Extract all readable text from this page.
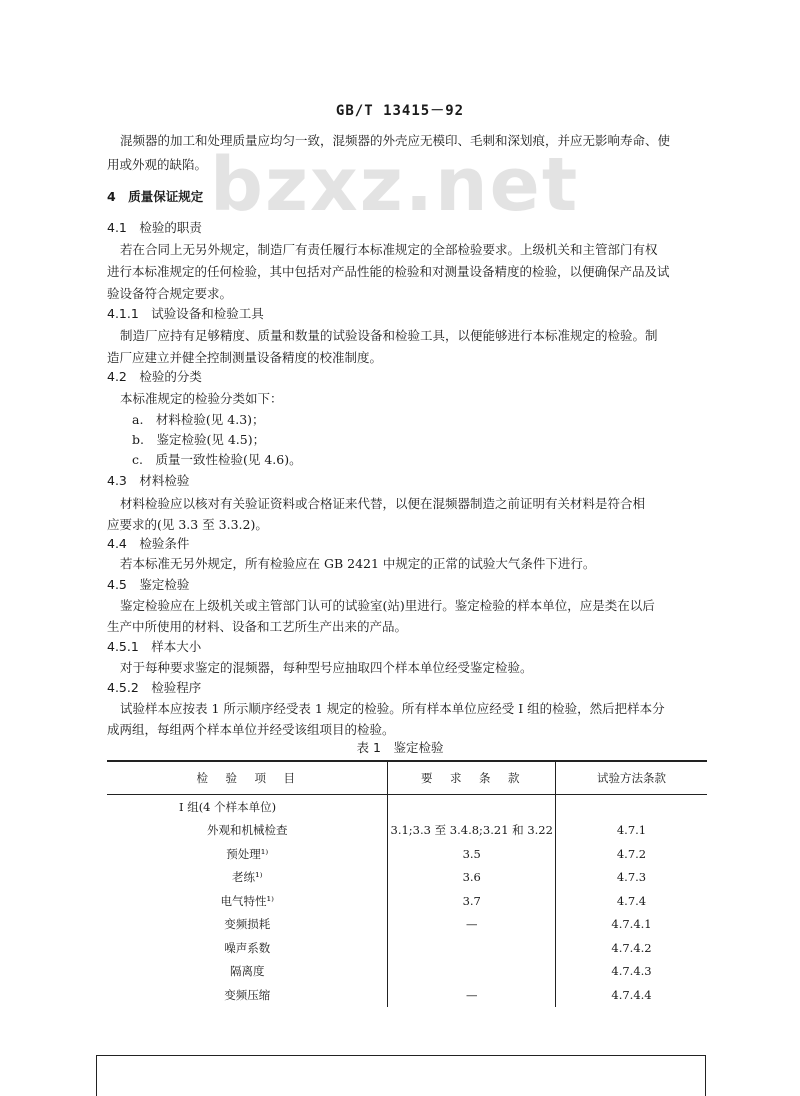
GB/T 13415－92
bzxz.net
混频器的加工和处理质量应均匀一致，混频器的外壳应无模印、毛刺和深划痕，并应无影响寿命、使
用或外观的缺陷。
4　质量保证规定
4.1　检验的职责
若在合同上无另外规定，制造厂有责任履行本标准规定的全部检验要求。上级机关和主管部门有权
进行本标准规定的任何检验，其中包括对产品性能的检验和对测量设备精度的检验，以便确保产品及试
验设备符合规定要求。
4.1.1　试验设备和检验工具
制造厂应持有足够精度、质量和数量的试验设备和检验工具，以便能够进行本标准规定的检验。制
造厂应建立并健全控制测量设备精度的校准制度。
4.2　检验的分类
本标准规定的检验分类如下：
a.　材料检验(见 4.3)；
b.　鉴定检验(见 4.5)；
c.　质量一致性检验(见 4.6)。
4.3　材料检验
材料检验应以核对有关验证资料或合格证来代替，以便在混频器制造之前证明有关材料是符合相
应要求的(见 3.3 至 3.3.2)。
4.4　检验条件
若本标准无另外规定，所有检验应在 GB 2421 中规定的正常的试验大气条件下进行。
4.5　鉴定检验
鉴定检验应在上级机关或主管部门认可的试验室(站)里进行。鉴定检验的样本单位，应是类在以后
生产中所使用的材料、设备和工艺所生产出来的产品。
4.5.1　样本大小
对于每种要求鉴定的混频器，每种型号应抽取四个样本单位经受鉴定检验。
4.5.2　检验程序
试验样本应按表 1 所示顺序经受表 1 规定的检验。所有样本单位应经受 I 组的检验，然后把样本分
成两组，每组两个样本单位并经受该组项目的检验。
表 1　鉴定检验
检　验　项　目	要　求　条　款	试验方法条款
I 组(4 个样本单位)		
外观和机械检查	3.1;3.3 至 3.4.8;3.21 和 3.22	4.7.1
预处理¹⁾	3.5	4.7.2
老练¹⁾	3.6	4.7.3
电气特性¹⁾	3.7	4.7.4
变频损耗	—	4.7.4.1
噪声系数		4.7.4.2
隔离度		4.7.4.3
变频压缩	—	4.7.4.4
